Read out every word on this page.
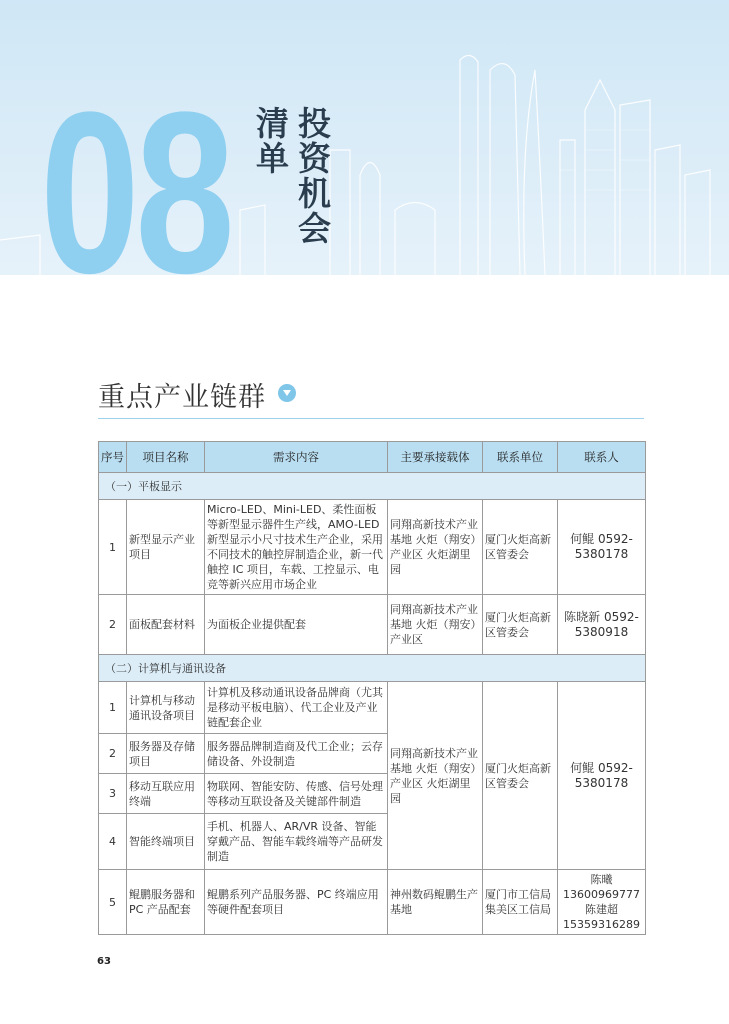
08 清单 投资机会
重点产业链群
序号	项目名称	需求内容	主要承接载体	联系单位	联系人
（一）平板显示					
1	新型显示产业项目	Micro-LED、Mini-LED、柔性面板等新型显示器件生产线，AMO-LED新型显示小尺寸技术生产企业，采用不同技术的触控屏制造企业，新一代触控 IC 项目，车载、工控显示、电竞等新兴应用市场企业	同翔高新技术产业基地 火炬（翔安）产业区 火炬湖里园	厦门火炬高新区管委会	何鲲 0592-5380178
2	面板配套材料	为面板企业提供配套	同翔高新技术产业基地 火炬（翔安）产业区	厦门火炬高新区管委会	陈晓新 0592-5380918
（二）计算机与通讯设备					
1	计算机与移动通讯设备项目	计算机及移动通讯设备品牌商（尤其是移动平板电脑）、代工企业及产业链配套企业	同翔高新技术产业基地 火炬（翔安）产业区 火炬湖里园	厦门火炬高新区管委会	何鲲 0592-5380178
2	服务器及存储项目	服务器品牌制造商及代工企业；云存储设备、外设制造			
3	移动互联应用终端	物联网、智能安防、传感、信号处理等移动互联设备及关键部件制造			
4	智能终端项目	手机、机器人、AR/VR 设备、智能穿戴产品、智能车载终端等产品研发制造			
5	鲲鹏服务器和PC 产品配套	鲲鹏系列产品服务器、PC 终端应用等硬件配套项目	神州数码鲲鹏生产基地	厦门市工信局 集美区工信局	陈曦 13600969777 陈建超 15359316289
63
